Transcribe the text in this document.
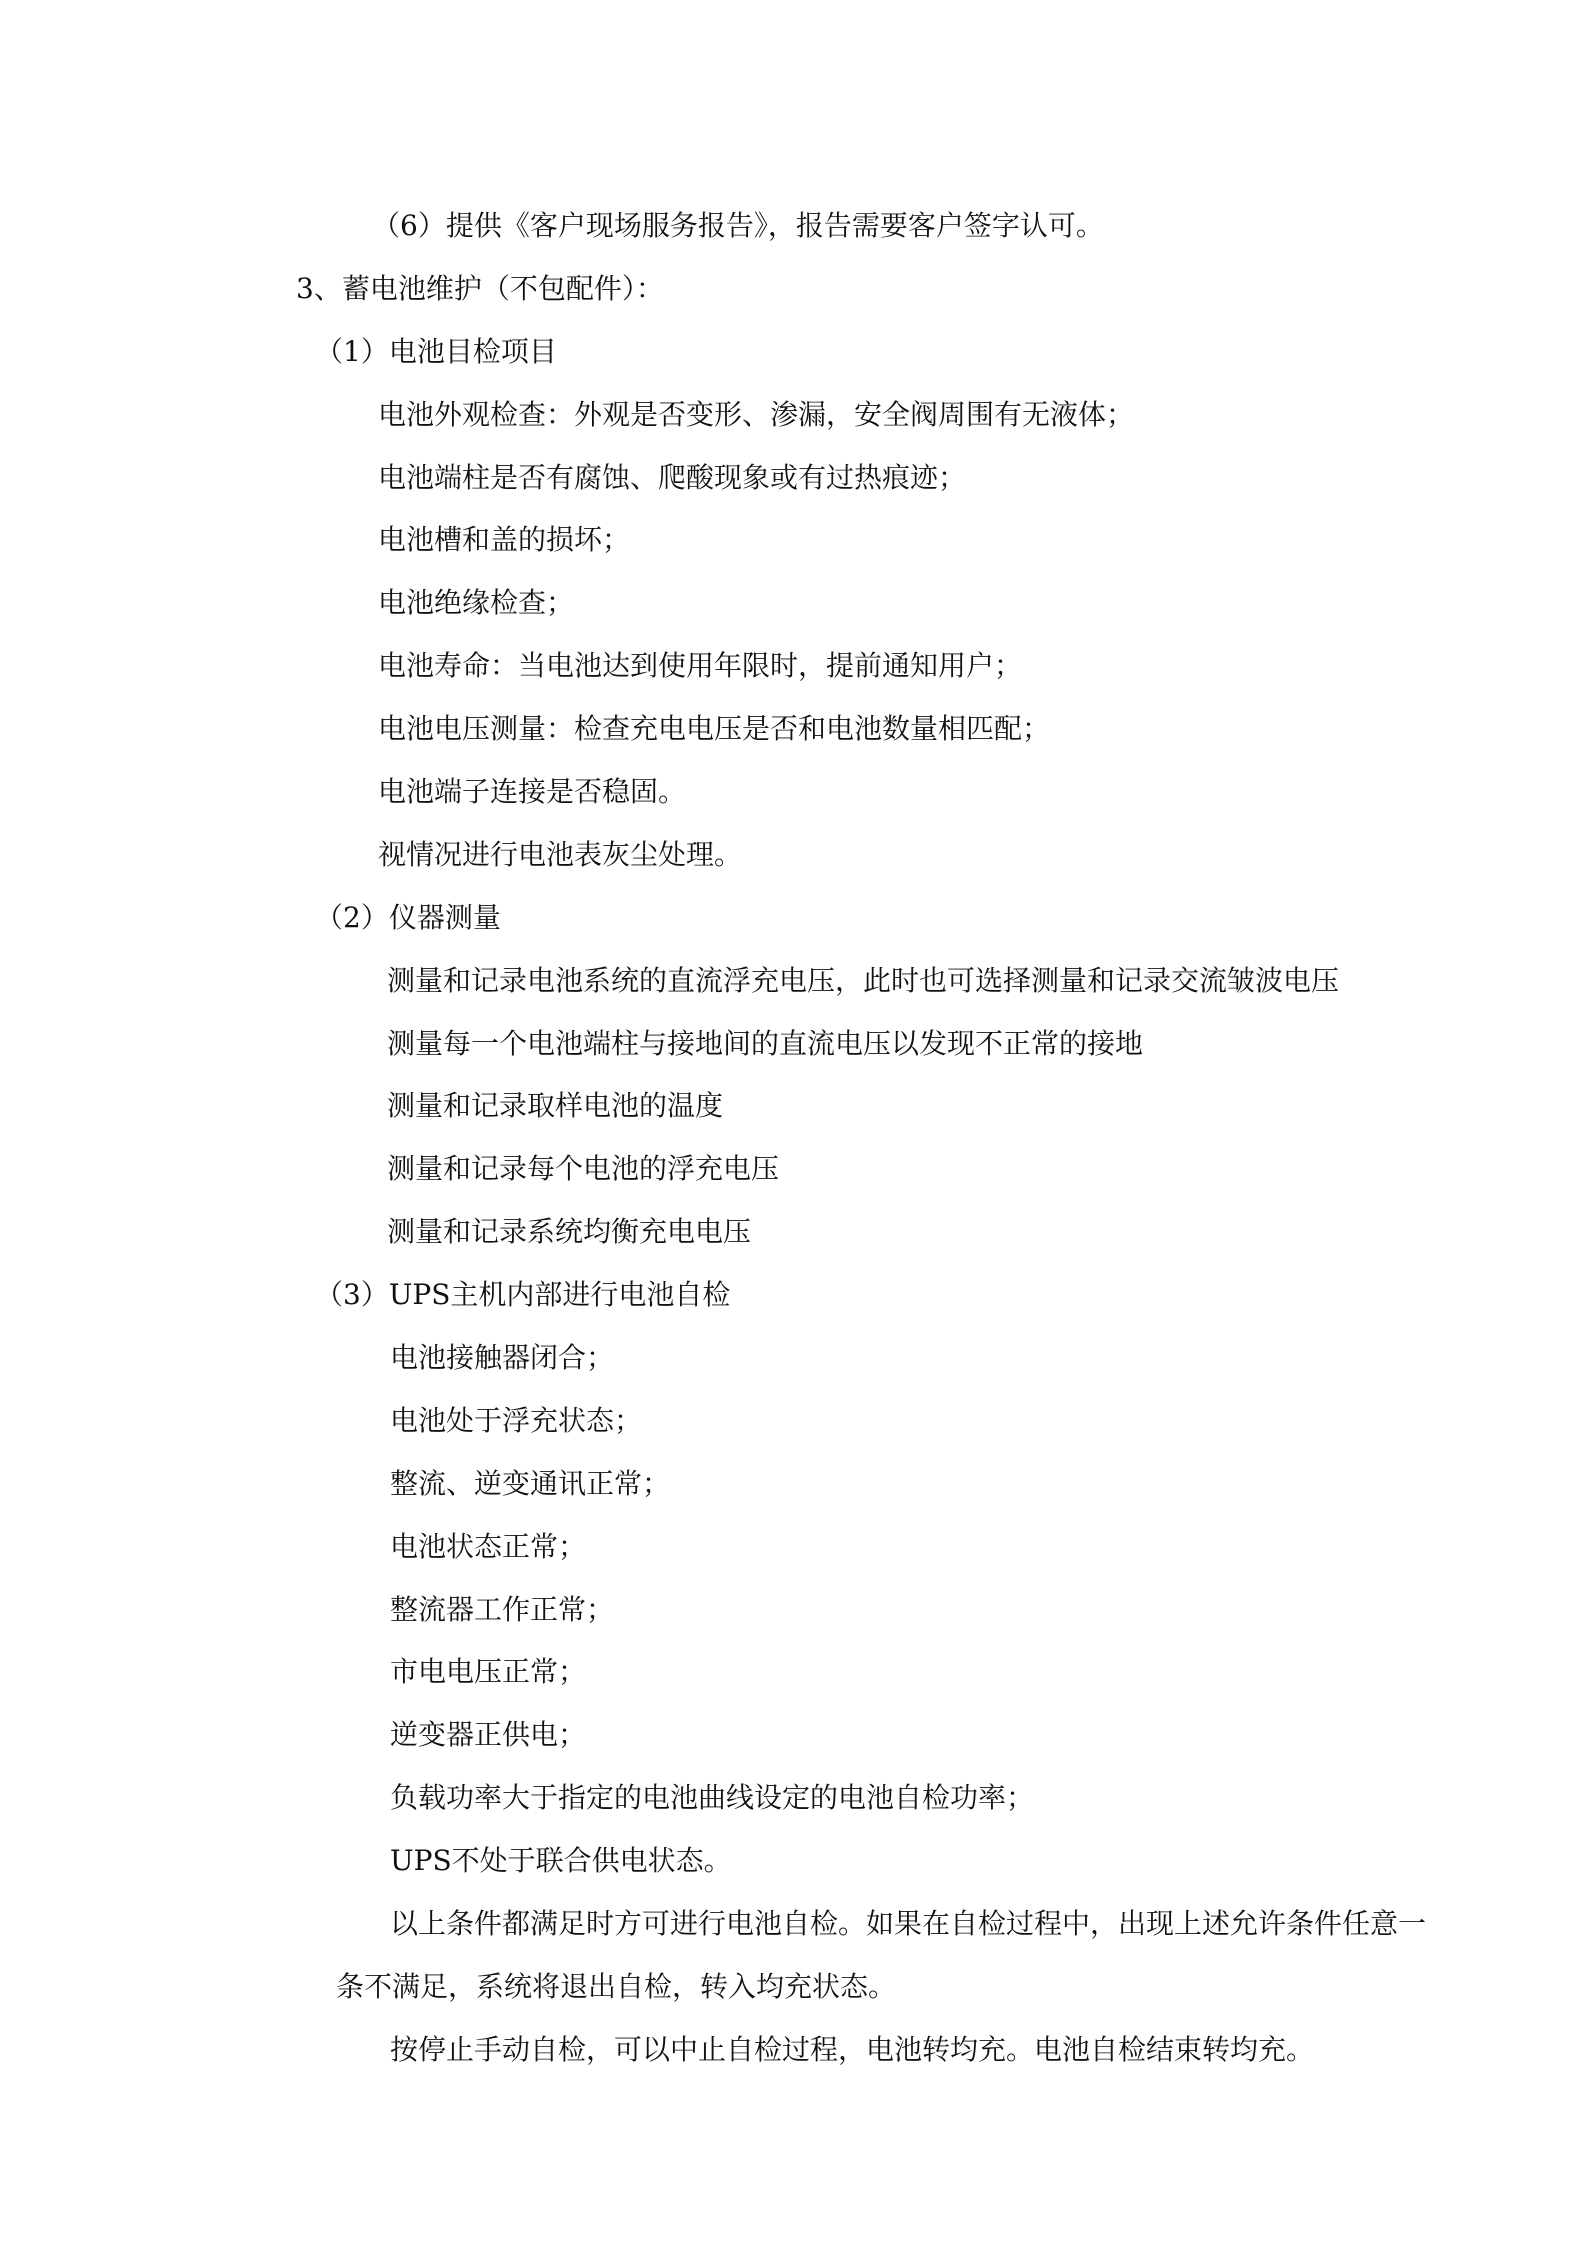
（6）提供《客户现场服务报告》，报告需要客户签字认可。
3、蓄电池维护（不包配件）：
（1）电池目检项目
电池外观检查：外观是否变形、渗漏，安全阀周围有无液体；
电池端柱是否有腐蚀、爬酸现象或有过热痕迹；
电池槽和盖的损坏；
电池绝缘检查；
电池寿命：当电池达到使用年限时，提前通知用户；
电池电压测量：检查充电电压是否和电池数量相匹配；
电池端子连接是否稳固。
视情况进行电池表灰尘处理。
（2）仪器测量
测量和记录电池系统的直流浮充电压，此时也可选择测量和记录交流皱波电压
测量每一个电池端柱与接地间的直流电压以发现不正常的接地
测量和记录取样电池的温度
测量和记录每个电池的浮充电压
测量和记录系统均衡充电电压
（3）UPS主机内部进行电池自检
电池接触器闭合；
电池处于浮充状态；
整流、逆变通讯正常；
电池状态正常；
整流器工作正常；
市电电压正常；
逆变器正供电；
负载功率大于指定的电池曲线设定的电池自检功率；
UPS不处于联合供电状态。
以上条件都满足时方可进行电池自检。如果在自检过程中，出现上述允许条件任意一
条不满足，系统将退出自检，转入均充状态。
按停止手动自检，可以中止自检过程，电池转均充。电池自检结束转均充。
